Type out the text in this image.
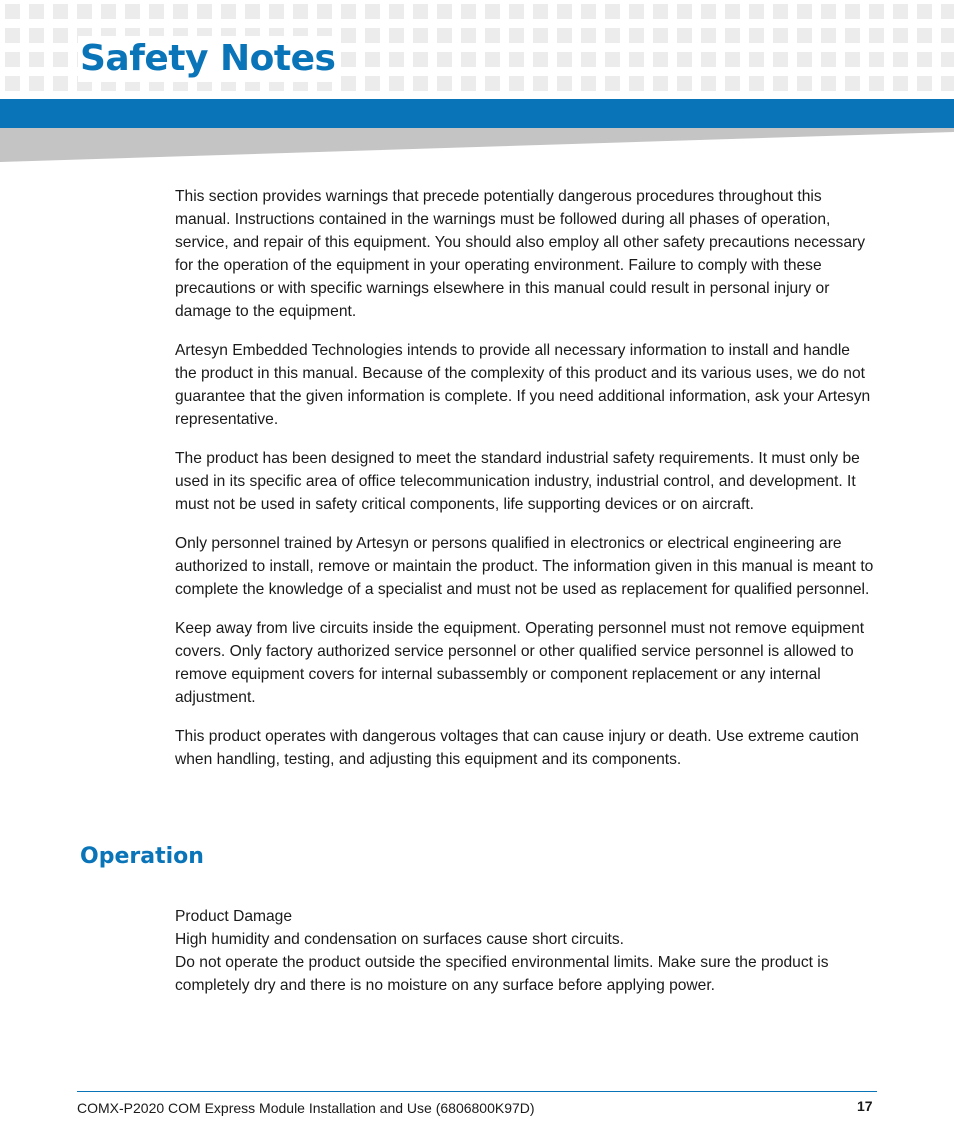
Safety Notes

This section provides warnings that precede potentially dangerous procedures throughout this manual. Instructions contained in the warnings must be followed during all phases of operation, service, and repair of this equipment. You should also employ all other safety precautions necessary for the operation of the equipment in your operating environment. Failure to comply with these precautions or with specific warnings elsewhere in this manual could result in personal injury or damage to the equipment.

Artesyn Embedded Technologies intends to provide all necessary information to install and handle the product in this manual. Because of the complexity of this product and its various uses, we do not guarantee that the given information is complete. If you need additional information, ask your Artesyn representative.

The product has been designed to meet the standard industrial safety requirements. It must only be used in its specific area of office telecommunication industry, industrial control, and development. It must not be used in safety critical components, life supporting devices or on aircraft.

Only personnel trained by Artesyn or persons qualified in electronics or electrical engineering are authorized to install, remove or maintain the product. The information given in this manual is meant to complete the knowledge of a specialist and must not be used as replacement for qualified personnel.

Keep away from live circuits inside the equipment. Operating personnel must not remove equipment covers. Only factory authorized service personnel or other qualified service personnel is allowed to remove equipment covers for internal subassembly or component replacement or any internal adjustment.

This product operates with dangerous voltages that can cause injury or death. Use extreme caution when handling, testing, and adjusting this equipment and its components.

Operation
Product Damage
High humidity and condensation on surfaces cause short circuits.
Do not operate the product outside the specified environmental limits. Make sure the product is completely dry and there is no moisture on any surface before applying power.
COMX-P2020 COM Express Module Installation and Use (6806800K97D)	17
